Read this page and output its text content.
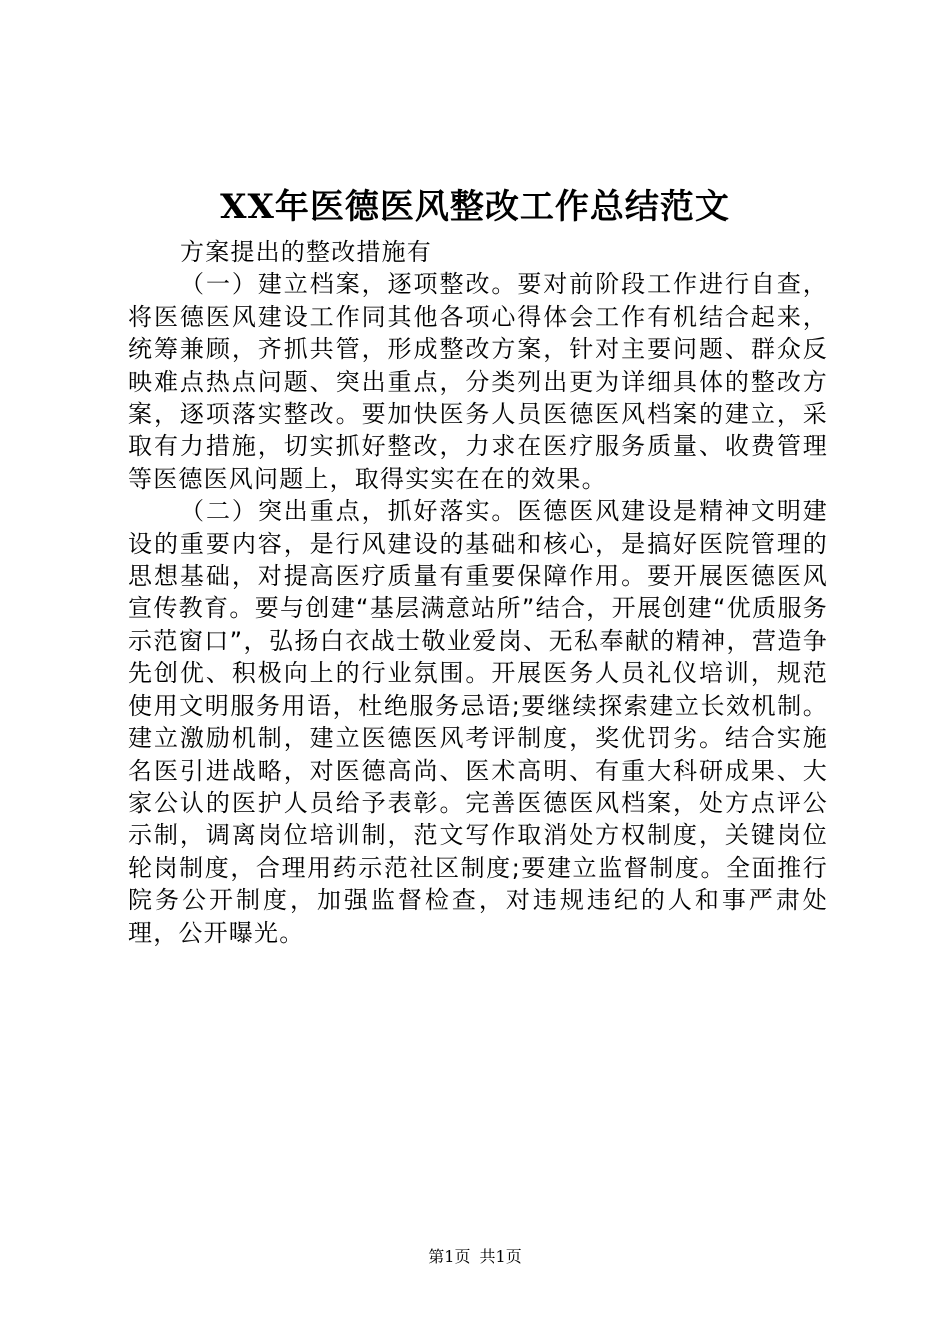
XX年医德医风整改工作总结范文

方案提出的整改措施有

（一）建立档案，逐项整改。要对前阶段工作进行自查，将医德医风建设工作同其他各项心得体会工作有机结合起来，统筹兼顾，齐抓共管，形成整改方案，针对主要问题、群众反映难点热点问题、突出重点，分类列出更为详细具体的整改方案，逐项落实整改。要加快医务人员医德医风档案的建立，采取有力措施，切实抓好整改，力求在医疗服务质量、收费管理等医德医风问题上，取得实实在在的效果。

（二）突出重点，抓好落实。医德医风建设是精神文明建设的重要内容，是行风建设的基础和核心，是搞好医院管理的思想基础，对提高医疗质量有重要保障作用。要开展医德医风宣传教育。要与创建“基层满意站所”结合，开展创建“优质服务示范窗口”，弘扬白衣战士敬业爱岗、无私奉献的精神，营造争先创优、积极向上的行业氛围。开展医务人员礼仪培训，规范使用文明服务用语，杜绝服务忌语;要继续探索建立长效机制。建立激励机制，建立医德医风考评制度，奖优罚劣。结合实施名医引进战略，对医德高尚、医术高明、有重大科研成果、大家公认的医护人员给予表彰。完善医德医风档案，处方点评公示制，调离岗位培训制，范文写作取消处方权制度，关键岗位轮岗制度，合理用药示范社区制度;要建立监督制度。全面推行院务公开制度，加强监督检查，对违规违纪的人和事严肃处理，公开曝光。

第1页 共1页
